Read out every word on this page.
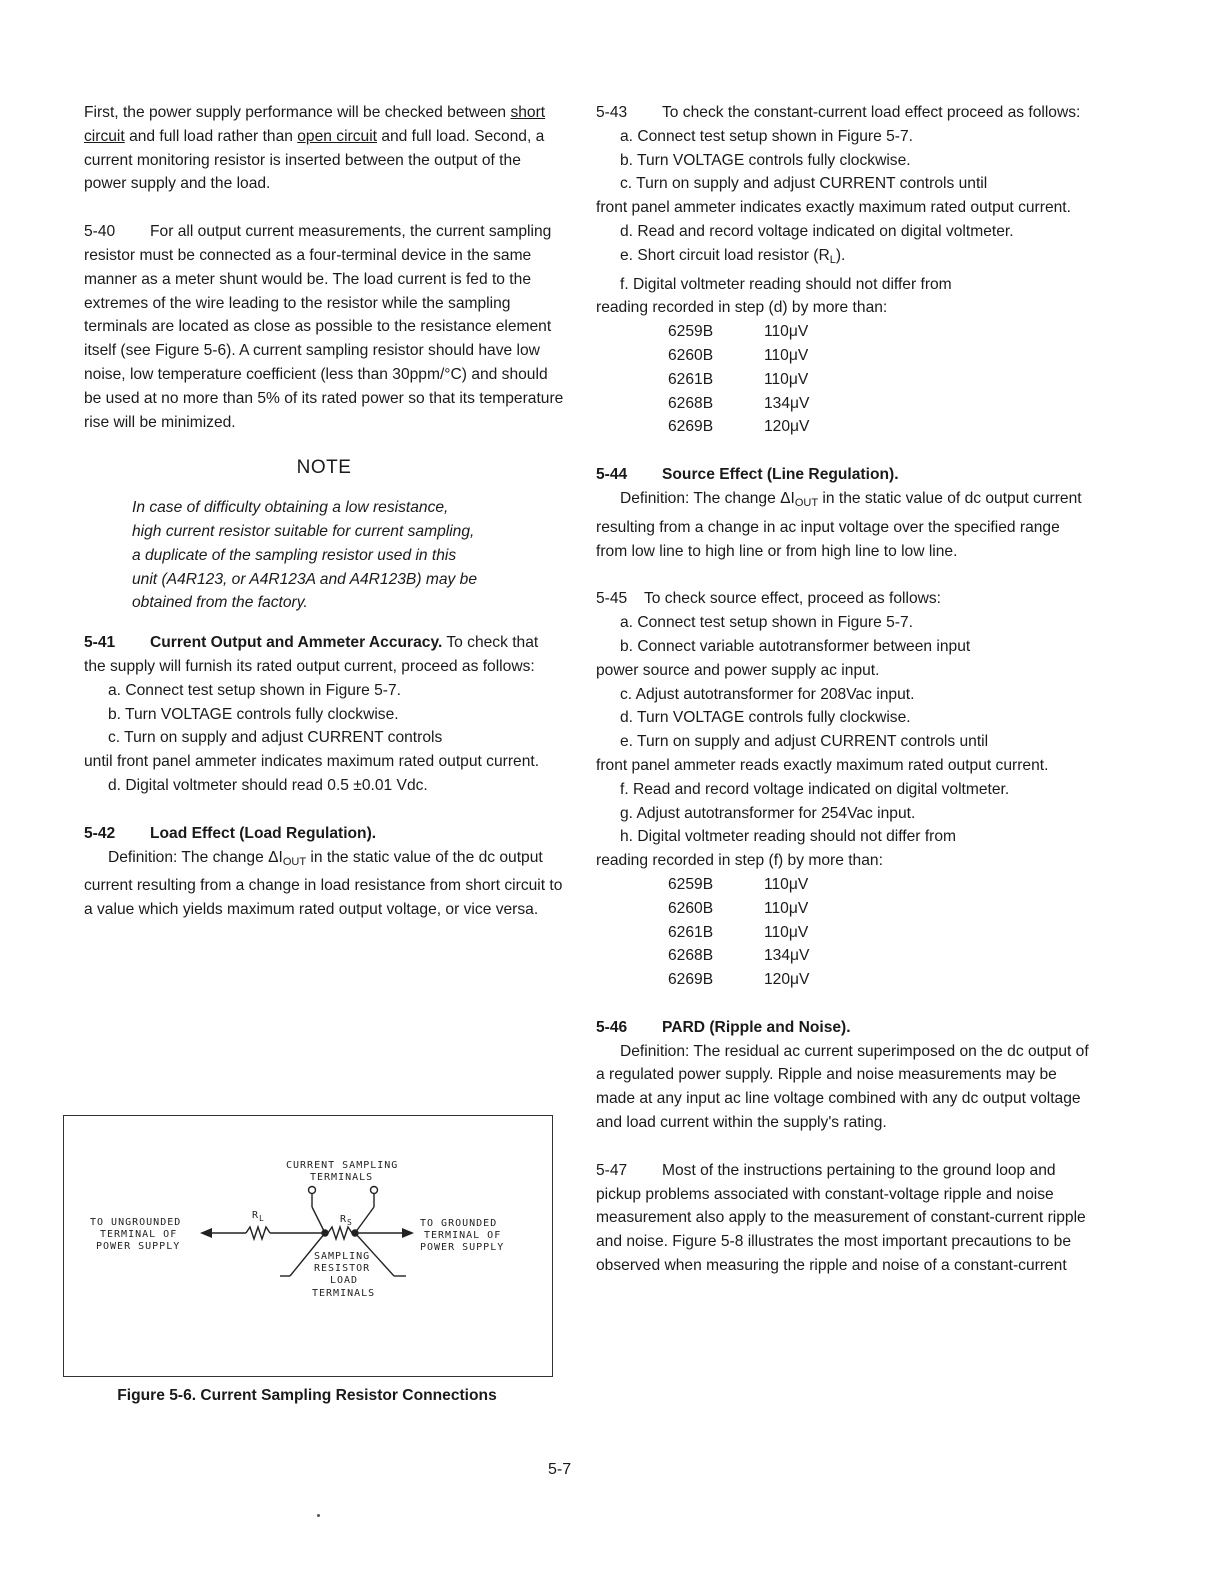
First, the power supply performance will be checked between short circuit and full load rather than open circuit and full load. Second, a current monitoring resistor is inserted between the output of the power supply and the load.

5-40 For all output current measurements, the current sampling resistor must be connected as a four-terminal device in the same manner as a meter shunt would be. The load current is fed to the extremes of the wire leading to the resistor while the sampling terminals are located as close as possible to the resistance element itself (see Figure 5-6). A current sampling resistor should have low noise, low temperature coefficient (less than 30ppm/°C) and should be used at no more than 5% of its rated power so that its temperature rise will be minimized.

NOTE

In case of difficulty obtaining a low resistance, high current resistor suitable for current sampling, a duplicate of the sampling resistor used in this unit (A4R123, or A4R123A and A4R123B) may be obtained from the factory.

5-41 Current Output and Ammeter Accuracy. To check that the supply will furnish its rated output current, proceed as follows:

a. Connect test setup shown in Figure 5-7.

b. Turn VOLTAGE controls fully clockwise.

c. Turn on supply and adjust CURRENT controls

until front panel ammeter indicates maximum rated output current.

d. Digital voltmeter should read 0.5 ±0.01 Vdc.

5-42 Load Effect (Load Regulation).

Definition: The change $\Delta I_{OUT}$ in the static value of the dc output current resulting from a change in load resistance from short circuit to a value which yields maximum rated output voltage, or vice versa.

CURRENT SAMPLING
TERMINALS
TO UNGROUNDED
TERMINAL OF
POWER SUPPLY
TO GROUNDED
TERMINAL OF
POWER SUPPLY
$R_L$	$R_S$
SAMPLING
RESISTOR
LOAD
TERMINALS
Figure 5-6. Current Sampling Resistor Connections

5-43 To check the constant-current load effect proceed as follows:

a. Connect test setup shown in Figure 5-7.

b. Turn VOLTAGE controls fully clockwise.

c. Turn on supply and adjust CURRENT controls until

front panel ammeter indicates exactly maximum rated output current.

d. Read and record voltage indicated on digital voltmeter.

e. Short circuit load resistor $(R_L)$.

f. Digital voltmeter reading should not differ from

reading recorded in step (d) by more than:

6259B	110μV
6260B	110μV
6261B	110μV
6268B	134μV
6269B	120μV

5-44 Source Effect (Line Regulation).

Definition: The change $\Delta I_{OUT}$ in the static value of dc output current resulting from a change in ac input voltage over the specified range from low line to high line or from high line to low line.

5-45 To check source effect, proceed as follows:

a. Connect test setup shown in Figure 5-7.

b. Connect variable autotransformer between input

power source and power supply ac input.

c. Adjust autotransformer for 208Vac input.

d. Turn VOLTAGE controls fully clockwise.

e. Turn on supply and adjust CURRENT controls until

front panel ammeter reads exactly maximum rated output current.

f. Read and record voltage indicated on digital voltmeter.

g. Adjust autotransformer for 254Vac input.

h. Digital voltmeter reading should not differ from

reading recorded in step (f) by more than:

6259B	110μV
6260B	110μV
6261B	110μV
6268B	134μV
6269B	120μV

5-46 PARD (Ripple and Noise).

Definition: The residual ac current superimposed on the dc output of a regulated power supply. Ripple and noise measurements may be made at any input ac line voltage combined with any dc output voltage and load current within the supply's rating.

5-47 Most of the instructions pertaining to the ground loop and pickup problems associated with constant-voltage ripple and noise measurement also apply to the measurement of constant-current ripple and noise. Figure 5-8 illustrates the most important precautions to be observed when measuring the ripple and noise of a constant-current

5-7
